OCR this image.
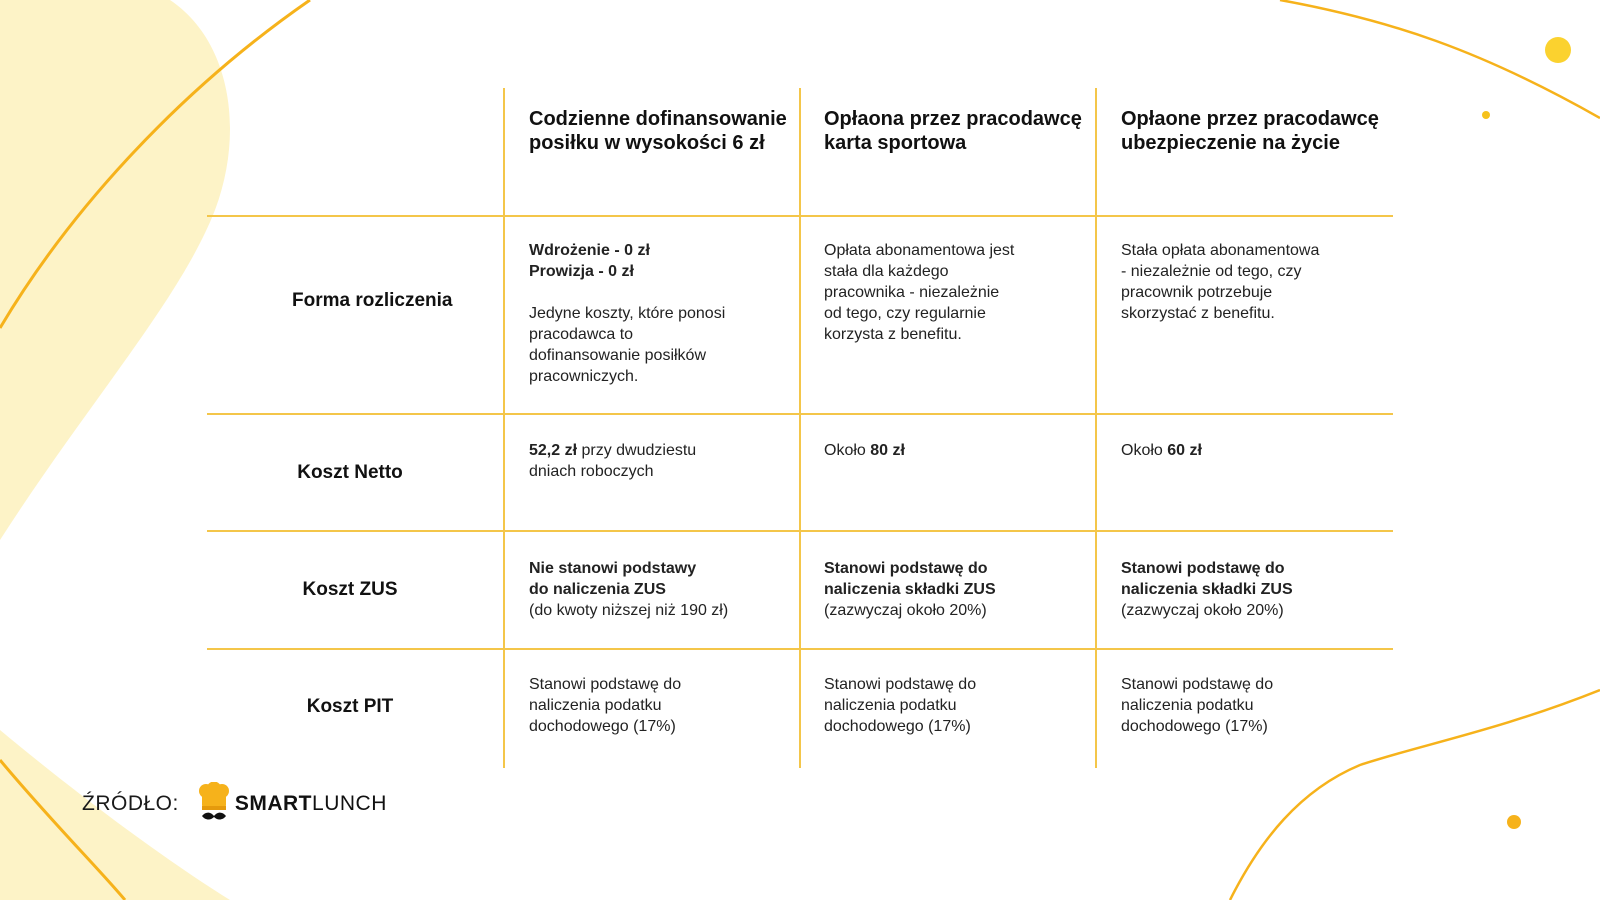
Codzienne dofinansowanie posiłku w wysokości 6 zł
Opłaona przez pracodawcę karta sportowa
Opłaone przez pracodawcę ubezpieczenie na życie
Forma rozliczenia
Wdrożenie - 0 zł
Prowizja - 0 zł
Jedyne koszty, które ponosi pracodawca to dofinansowanie posiłków pracowniczych.
Opłata abonamentowa jest stała dla każdego pracownika - niezależnie od tego, czy regularnie korzysta z benefitu.
Stała opłata abonamentowa - niezależnie od tego, czy pracownik potrzebuje skorzystać z benefitu.
Koszt Netto
52,2 zł przy dwudziestu dniach roboczych
Około 80 zł	Około 60 zł
Koszt ZUS
Nie stanowi podstawy do naliczenia ZUS
(do kwoty niższej niż 190 zł)
Stanowi podstawę do naliczenia składki ZUS
(zazwyczaj około 20%)
Stanowi podstawę do naliczenia składki ZUS
(zazwyczaj około 20%)
Koszt PIT
Stanowi podstawę do naliczenia podatku dochodowego (17%)
Stanowi podstawę do naliczenia podatku dochodowego (17%)
Stanowi podstawę do naliczenia podatku dochodowego (17%)
ŹRÓDŁO:	SMARTLUNCH
